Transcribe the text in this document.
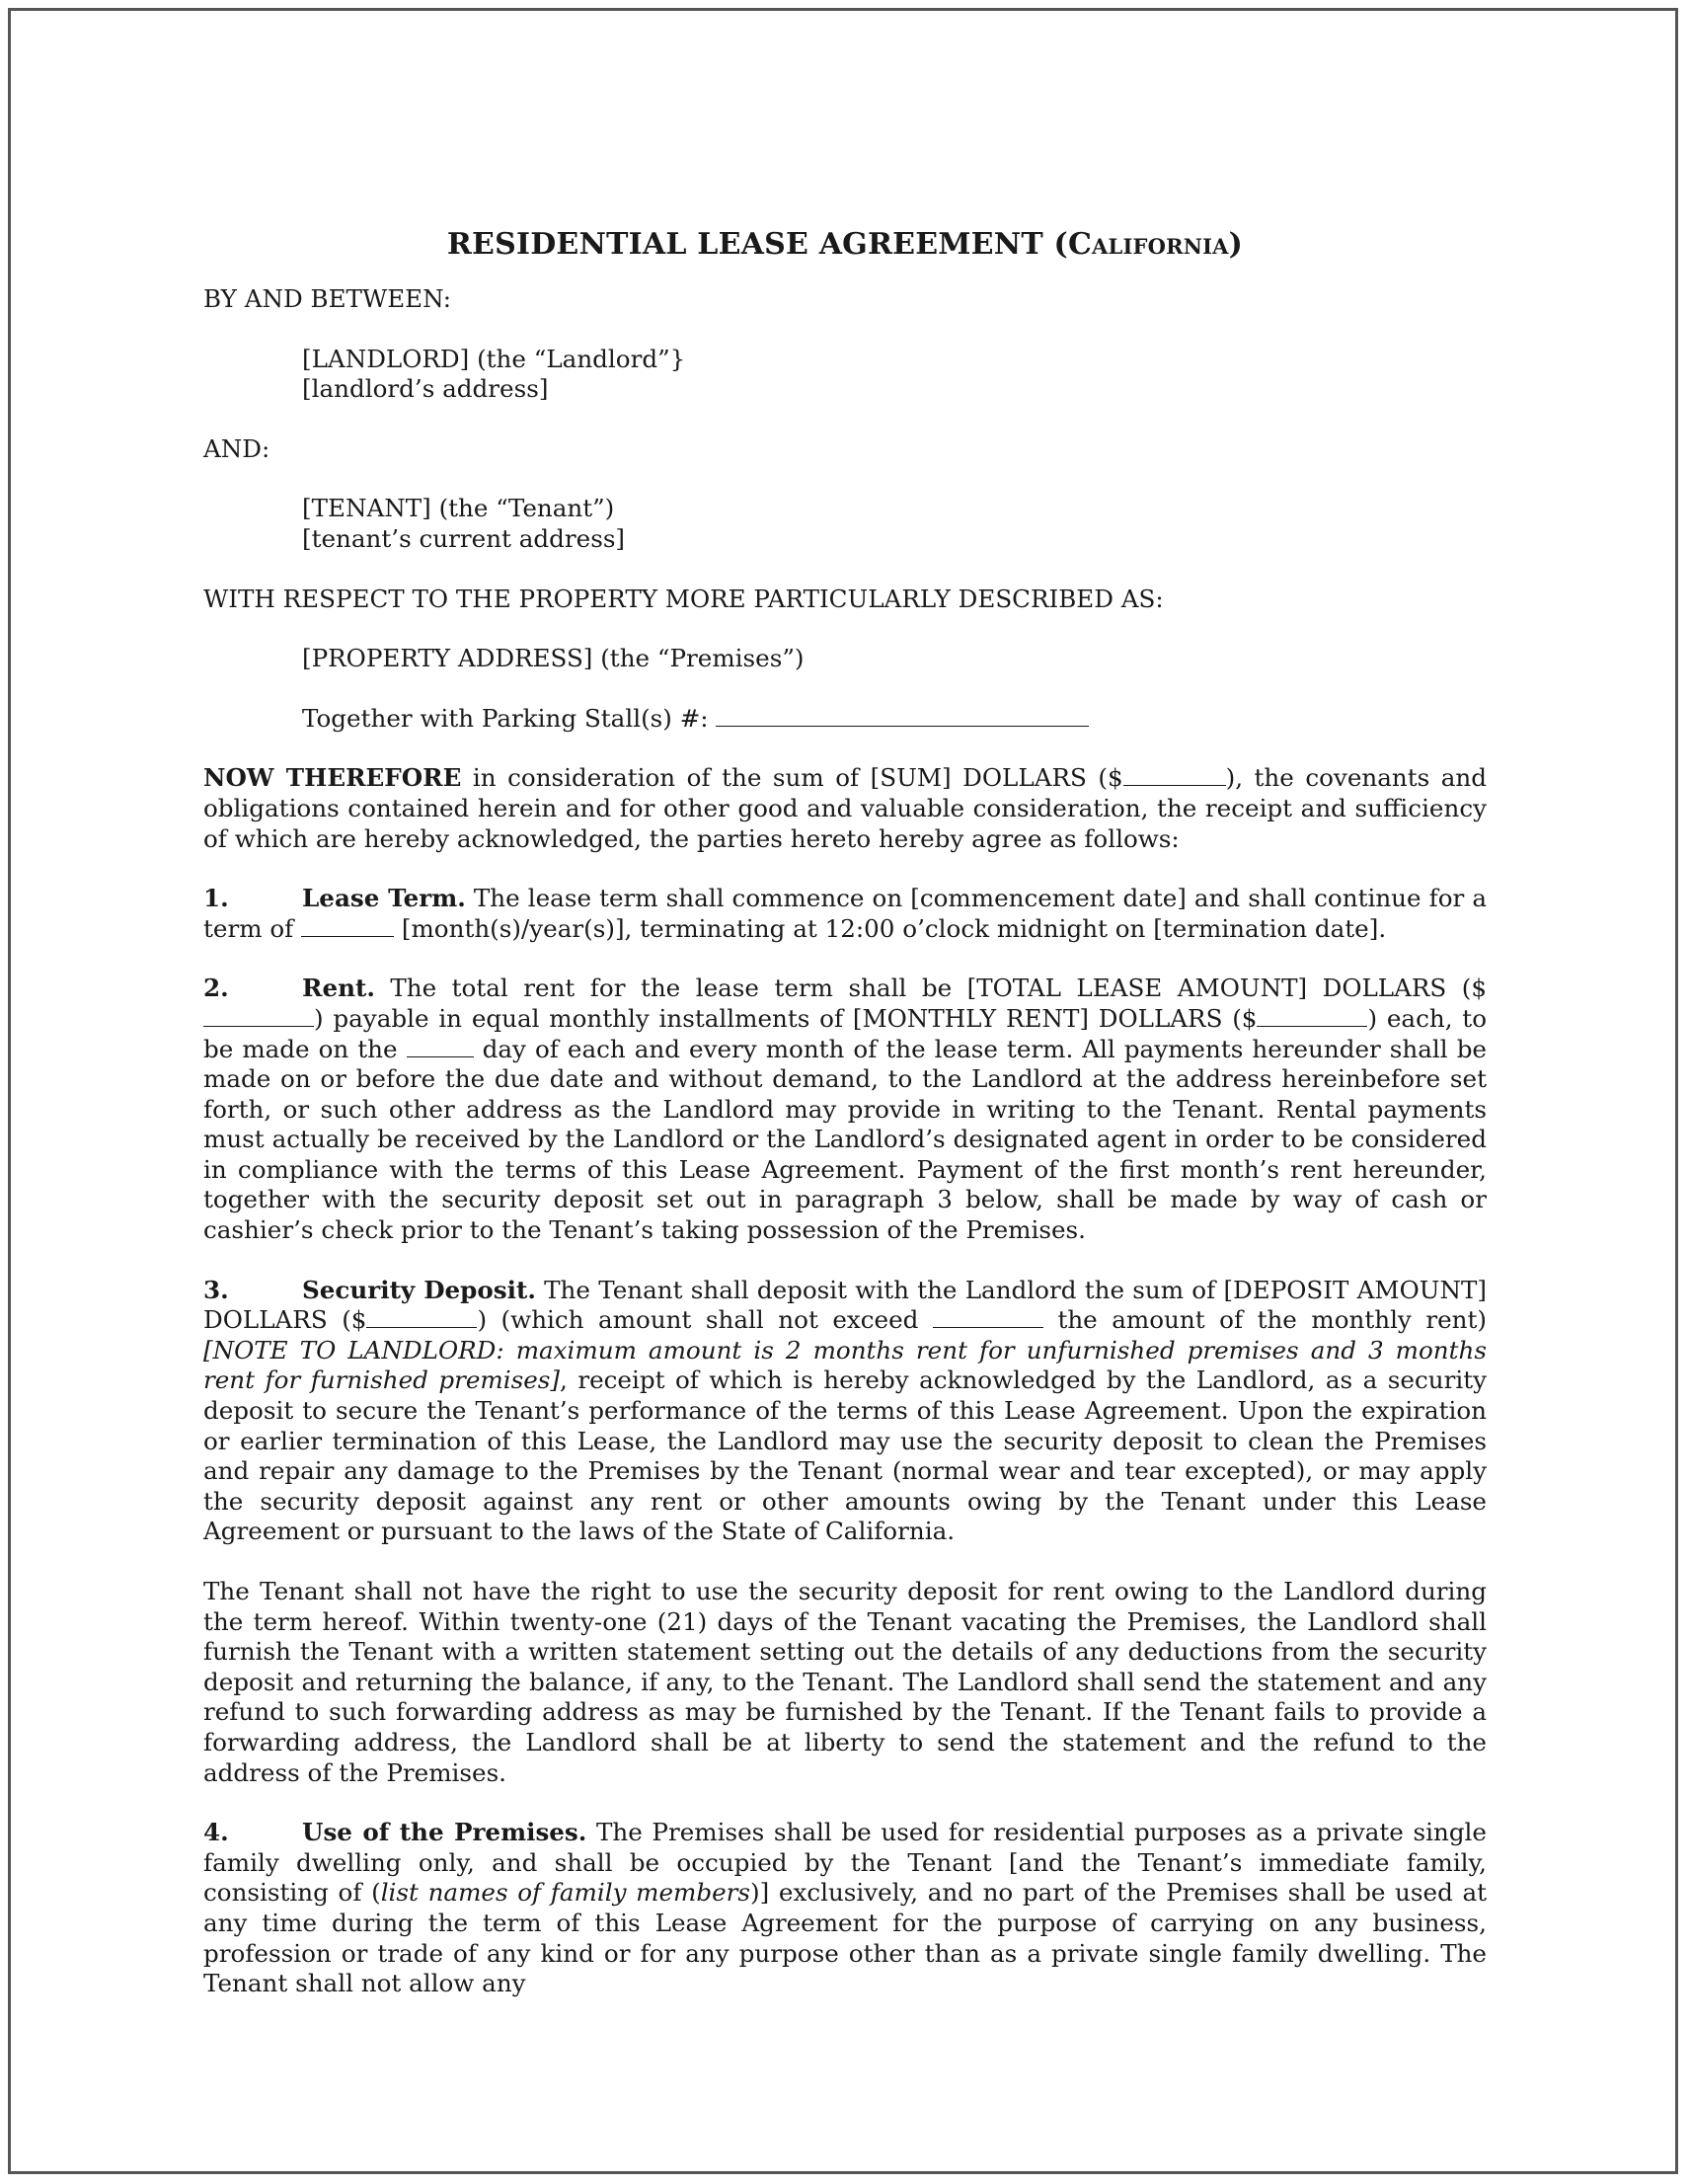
RESIDENTIAL LEASE AGREEMENT (California)

BY AND BETWEEN:

[LANDLORD] (the “Landlord”}

[landlord’s address]

AND:

[TENANT] (the “Tenant”)

[tenant’s current address]

WITH RESPECT TO THE PROPERTY MORE PARTICULARLY DESCRIBED AS:

[PROPERTY ADDRESS] (the “Premises”)

Together with Parking Stall(s) #:

NOW THEREFORE in consideration of the sum of [SUM] DOLLARS ($	), the covenants and obligations contained herein and for other good and valuable consideration, the receipt and sufficiency of which are hereby acknowledged, the parties hereto hereby agree as follows:

1.	Lease Term. The lease term shall commence on [commencement date] and shall continue for a term of	[month(s)/year(s)], terminating at 12:00 o’clock midnight on [termination date].

2.	Rent. The total rent for the lease term shall be [TOTAL LEASE AMOUNT] DOLLARS ($) payable in equal monthly installments of [MONTHLY RENT] DOLLARS ($	) each, to be made on the	day of each and every month of the lease term. All payments hereunder shall be made on or before the due date and without demand, to the Landlord at the address hereinbefore set forth, or such other address as the Landlord may provide in writing to the Tenant. Rental payments must actually be received by the Landlord or the Landlord’s designated agent in order to be considered in compliance with the terms of this Lease Agreement. Payment of the first month’s rent hereunder, together with the security deposit set out in paragraph 3 below, shall be made by way of cash or cashier’s check prior to the Tenant’s taking possession of the Premises.

3.	Security Deposit. The Tenant shall deposit with the Landlord the sum of [DEPOSIT AMOUNT] DOLLARS ($	) (which amount shall not exceed	the amount of the monthly rent) [NOTE TO LANDLORD: maximum amount is 2 months rent for unfurnished premises and 3 months rent for furnished premises], receipt of which is hereby acknowledged by the Landlord, as a security deposit to secure the Tenant’s performance of the terms of this Lease Agreement. Upon the expiration or earlier termination of this Lease, the Landlord may use the security deposit to clean the Premises and repair any damage to the Premises by the Tenant (normal wear and tear excepted), or may apply the security deposit against any rent or other amounts owing by the Tenant under this Lease Agreement or pursuant to the laws of the State of California.

The Tenant shall not have the right to use the security deposit for rent owing to the Landlord during the term hereof. Within twenty-one (21) days of the Tenant vacating the Premises, the Landlord shall furnish the Tenant with a written statement setting out the details of any deductions from the security deposit and returning the balance, if any, to the Tenant. The Landlord shall send the statement and any refund to such forwarding address as may be furnished by the Tenant. If the Tenant fails to provide a forwarding address, the Landlord shall be at liberty to send the statement and the refund to the address of the Premises.

4.	Use of the Premises. The Premises shall be used for residential purposes as a private single family dwelling only, and shall be occupied by the Tenant [and the Tenant’s immediate family, consisting of (list names of family members)] exclusively, and no part of the Premises shall be used at any time during the term of this Lease Agreement for the purpose of carrying on any business, profession or trade of any kind or for any purpose other than as a private single family dwelling. The Tenant shall not allow any
